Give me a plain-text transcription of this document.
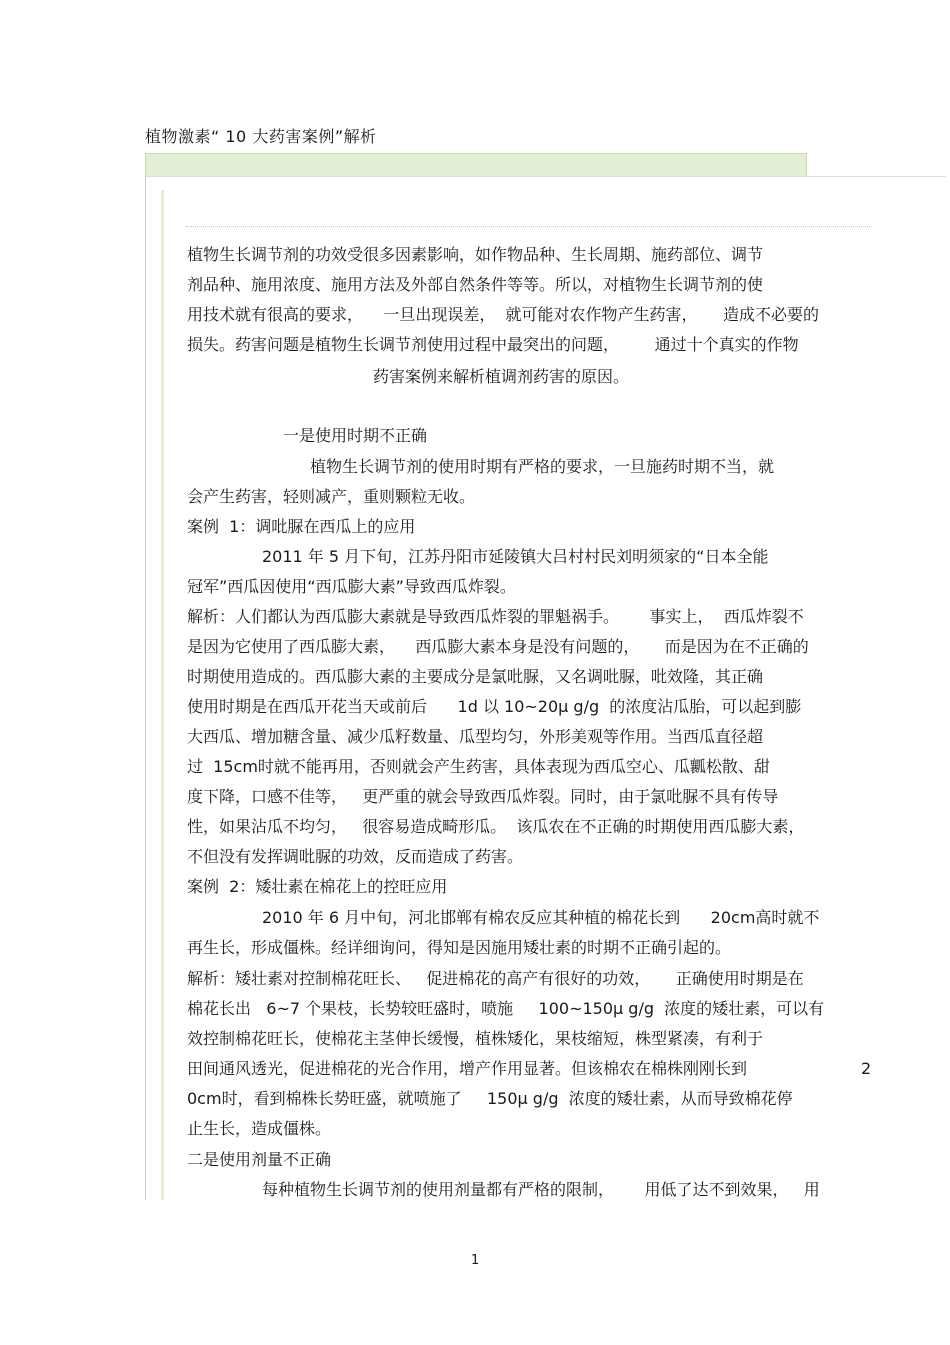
植物激素“ 10 大药害案例”解析
植物生长调节剂的功效受很多因素影响，如作物品种、生长周期、施药部位、调节
剂品种、施用浓度、施用方法及外部自然条件等等。所以，对植物生长调节剂的使
用技术就有很高的要求，    一旦出现误差，  就可能对农作物产生药害，     造成不必要的
损失。药害问题是植物生长调节剂使用过程中最突出的问题，       通过十个真实的作物
药害案例来解析植调剂药害的原因。
一是使用时期不正确
植物生长调节剂的使用时期有严格的要求，一旦施药时期不当，就
会产生药害，轻则减产，重则颗粒无收。
案例  1：调吡脲在西瓜上的应用
2011 年 5 月下旬，江苏丹阳市延陵镇大吕村村民刘明须家的“日本全能
冠军”西瓜因使用“西瓜膨大素”导致西瓜炸裂。
解析：人们都认为西瓜膨大素就是导致西瓜炸裂的罪魁祸手。      事实上，  西瓜炸裂不
是因为它使用了西瓜膨大素，    西瓜膨大素本身是没有问题的，     而是因为在不正确的
时期使用造成的。西瓜膨大素的主要成分是氯吡脲，又名调吡脲，吡效隆，其正确
使用时期是在西瓜开花当天或前后      1d 以 10~20μ g/g  的浓度沾瓜胎，可以起到膨
大西瓜、增加糖含量、减少瓜籽数量、瓜型均匀，外形美观等作用。当西瓜直径超
过  15cm时就不能再用，否则就会产生药害，具体表现为西瓜空心、瓜瓤松散、甜
度下降，口感不佳等，   更严重的就会导致西瓜炸裂。同时，由于氯吡脲不具有传导
性，如果沾瓜不均匀，   很容易造成畸形瓜。  该瓜农在不正确的时期使用西瓜膨大素，
不但没有发挥调吡脲的功效，反而造成了药害。
案例  2：矮壮素在棉花上的控旺应用
2010 年 6 月中旬，河北邯郸有棉农反应其种植的棉花长到      20cm高时就不
再生长，形成僵株。经详细询问，得知是因施用矮壮素的时期不正确引起的。
解析：矮壮素对控制棉花旺长、   促进棉花的高产有很好的功效，     正确使用时期是在
棉花长出   6~7 个果枝，长势较旺盛时，喷施     100~150μ g/g  浓度的矮壮素，可以有
效控制棉花旺长，使棉花主茎伸长缓慢，植株矮化，果枝缩短，株型紧凑，有利于
田间通风透光，促进棉花的光合作用，增产作用显著。但该棉农在棉株刚刚长到	2
0cm时，看到棉株长势旺盛，就喷施了     150μ g/g  浓度的矮壮素，从而导致棉花停
止生长，造成僵株。
二是使用剂量不正确
每种植物生长调节剂的使用剂量都有严格的限制，      用低了达不到效果，   用
1
